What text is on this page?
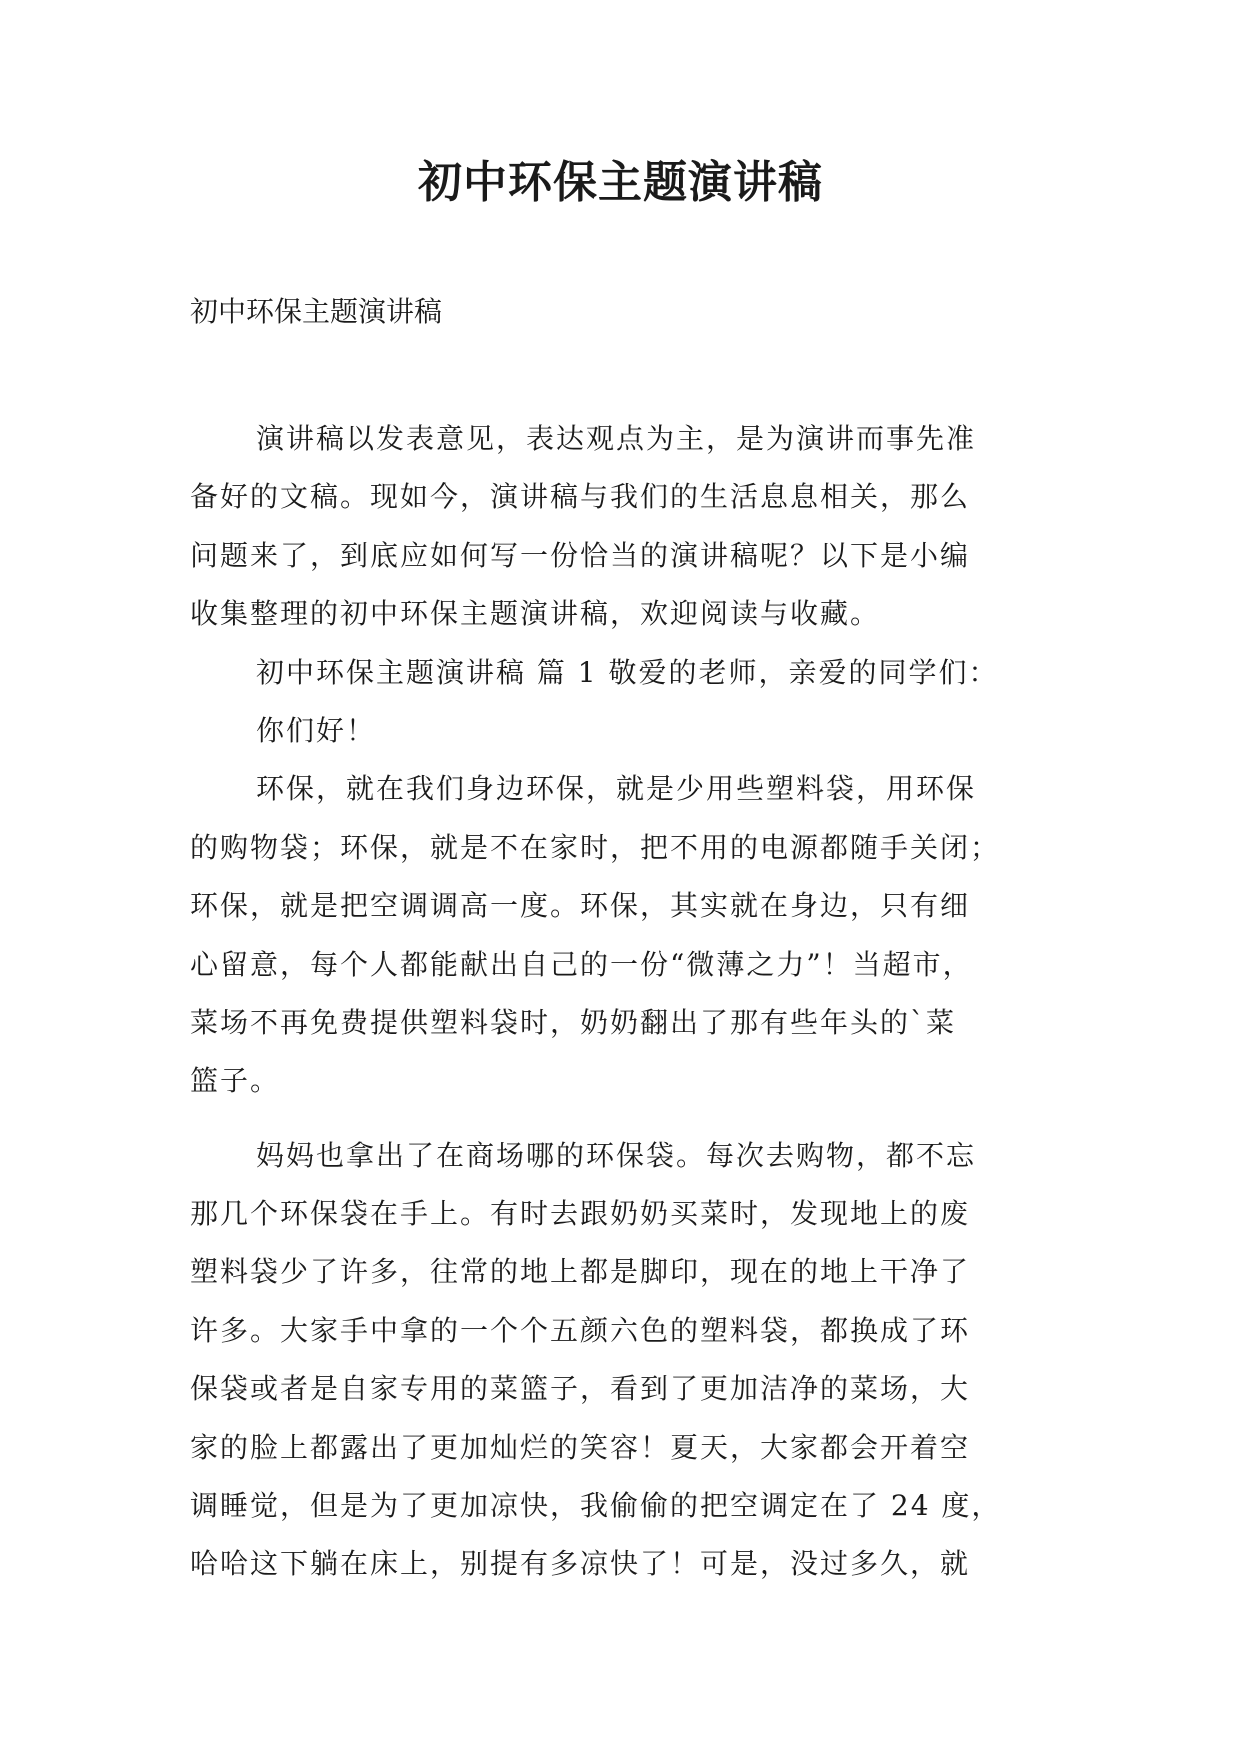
初中环保主题演讲稿

初中环保主题演讲稿

演讲稿以发表意见，表达观点为主，是为演讲而事先准
备好的文稿。现如今，演讲稿与我们的生活息息相关，那么
问题来了，到底应如何写一份恰当的演讲稿呢？以下是小编
收集整理的初中环保主题演讲稿，欢迎阅读与收藏。
初中环保主题演讲稿 篇 1 敬爱的老师，亲爱的同学们：
你们好！
环保，就在我们身边环保，就是少用些塑料袋，用环保
的购物袋；环保，就是不在家时，把不用的电源都随手关闭；
环保，就是把空调调高一度。环保，其实就在身边，只有细
心留意，每个人都能献出自己的一份“微薄之力”！当超市，
菜场不再免费提供塑料袋时，奶奶翻出了那有些年头的`菜
篮子。
妈妈也拿出了在商场哪的环保袋。每次去购物，都不忘
那几个环保袋在手上。有时去跟奶奶买菜时，发现地上的废
塑料袋少了许多，往常的地上都是脚印，现在的地上干净了
许多。大家手中拿的一个个五颜六色的塑料袋，都换成了环
保袋或者是自家专用的菜篮子，看到了更加洁净的菜场，大
家的脸上都露出了更加灿烂的笑容！夏天，大家都会开着空
调睡觉，但是为了更加凉快，我偷偷的把空调定在了 24 度，
哈哈这下躺在床上，别提有多凉快了！可是，没过多久，就
